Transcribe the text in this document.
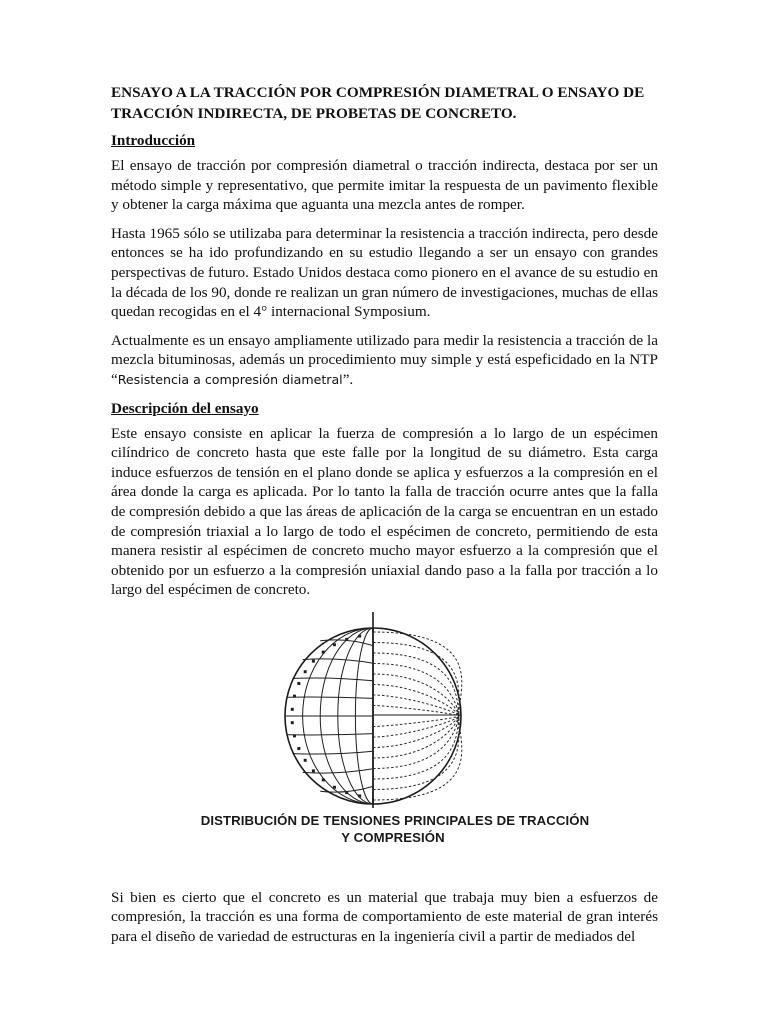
ENSAYO A LA TRACCIÓN POR COMPRESIÓN DIAMETRAL O ENSAYO DE
TRACCIÓN INDIRECTA, DE PROBETAS DE CONCRETO.
Introducción

El ensayo de tracción por compresión diametral o tracción indirecta, destaca por ser un método simple y representativo, que permite imitar la respuesta de un pavimento flexible y obtener la carga máxima que aguanta una mezcla antes de romper.

Hasta 1965 sólo se utilizaba para determinar la resistencia a tracción indirecta, pero desde entonces se ha ido profundizando en su estudio llegando a ser un ensayo con grandes perspectivas de futuro. Estado Unidos destaca como pionero en el avance de su estudio en la década de los 90, donde re realizan un gran número de investigaciones, muchas de ellas quedan recogidas en el 4° internacional Symposium.

Actualmente es un ensayo ampliamente utilizado para medir la resistencia a tracción de la mezcla bituminosas, además un procedimiento muy simple y está espeficidado en la NTP “Resistencia a compresión diametral”.

Descripción del ensayo

Este ensayo consiste en aplicar la fuerza de compresión a lo largo de un espécimen cilíndrico de concreto hasta que este falle por la longitud de su diámetro. Esta carga induce esfuerzos de tensión en el plano donde se aplica y esfuerzos a la compresión en el área donde la carga es aplicada. Por lo tanto la falla de tracción ocurre antes que la falla de compresión debido a que las áreas de aplicación de la carga se encuentran en un estado de compresión triaxial a lo largo de todo el espécimen de concreto, permitiendo de esta manera resistir al espécimen de concreto mucho mayor esfuerzo a la compresión que el obtenido por un esfuerzo a la compresión uniaxial dando paso a la falla por tracción a lo largo del espécimen de concreto.

DISTRIBUCIÓN DE TENSIONES PRINCIPALES DE TRACCIÓN
Y COMPRESIÓN

Si bien es cierto que el concreto es un material que trabaja muy bien a esfuerzos de compresión, la tracción es una forma de comportamiento de este material de gran interés para el diseño de variedad de estructuras en la ingeniería civil a partir de mediados del
